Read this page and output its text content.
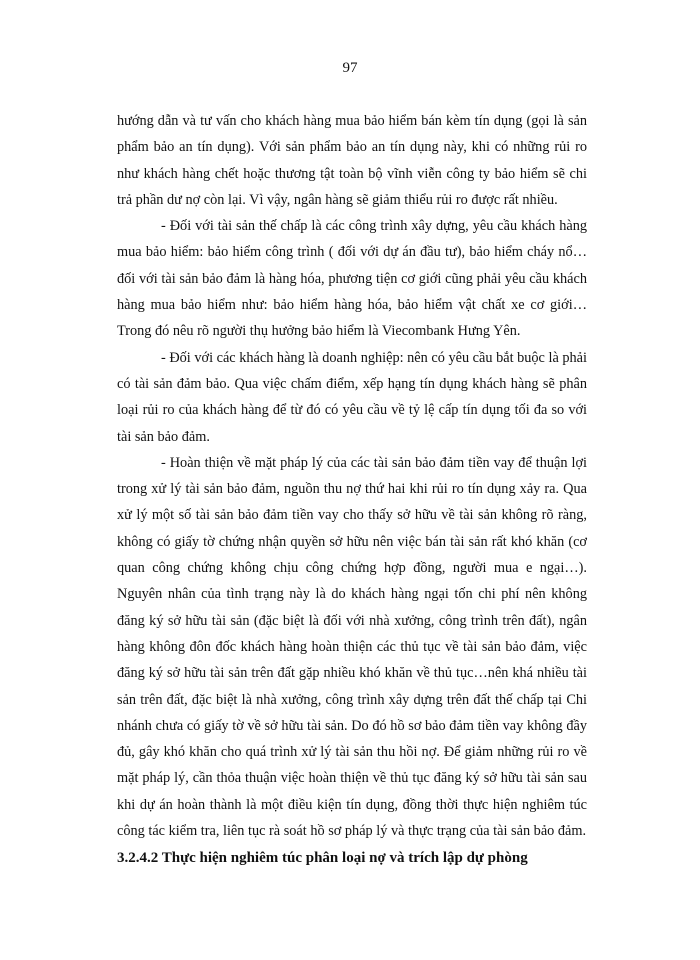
97

hướng dẫn và tư vấn cho khách hàng mua bảo hiểm bán kèm tín dụng (gọi là sản phẩm bảo an tín dụng). Với sản phẩm bảo an tín dụng này, khi có những rủi ro như khách hàng chết hoặc thương tật toàn bộ vĩnh viễn công ty bảo hiểm sẽ chi trả phần dư nợ còn lại. Vì vậy, ngân hàng sẽ giảm thiểu rủi ro được rất nhiều.

- Đối với tài sản thế chấp là các công trình xây dựng, yêu cầu khách hàng mua bảo hiểm: bảo hiểm công trình ( đối với dự án đầu tư), bảo hiểm cháy nổ…đối với tài sản bảo đảm là hàng hóa, phương tiện cơ giới cũng phải yêu cầu khách hàng mua bảo hiểm như: bảo hiểm hàng hóa, bảo hiểm vật chất xe cơ giới…Trong đó nêu rõ người thụ hưởng bảo hiểm là Viecombank Hưng Yên.

- Đối với các khách hàng là doanh nghiệp: nên có yêu cầu bắt buộc là phải có tài sản đảm bảo. Qua việc chấm điểm, xếp hạng tín dụng khách hàng sẽ phân loại rủi ro của khách hàng để từ đó có yêu cầu về tỷ lệ cấp tín dụng tối đa so với tài sản bảo đảm.

- Hoàn thiện về mặt pháp lý của các tài sản bảo đảm tiền vay để thuận lợi trong xử lý tài sản bảo đảm, nguồn thu nợ thứ hai khi rủi ro tín dụng xảy ra. Qua xử lý một số tài sản bảo đảm tiền vay cho thấy sở hữu về tài sản không rõ ràng, không có giấy tờ chứng nhận quyền sở hữu nên việc bán tài sản rất khó khăn (cơ quan công chứng không chịu công chứng hợp đồng, người mua e ngại…). Nguyên nhân của tình trạng này là do khách hàng ngại tốn chi phí nên không đăng ký sở hữu tài sản (đặc biệt là đối với nhà xưởng, công trình trên đất), ngân hàng không đôn đốc khách hàng hoàn thiện các thủ tục về tài sản bảo đảm, việc đăng ký sở hữu tài sản trên đất gặp nhiều khó khăn về thủ tục…nên khá nhiều tài sản trên đất, đặc biệt là nhà xưởng, công trình xây dựng trên đất thế chấp tại Chi nhánh chưa có giấy tờ về sở hữu tài sản. Do đó hồ sơ bảo đảm tiền vay không đầy đủ, gây khó khăn cho quá trình xử lý tài sản thu hồi nợ. Để giảm những rủi ro về mặt pháp lý, cần thỏa thuận việc hoàn thiện về thủ tục đăng ký sở hữu tài sản sau khi dự án hoàn thành là một điều kiện tín dụng, đồng thời thực hiện nghiêm túc công tác kiểm tra, liên tục rà soát hồ sơ pháp lý và thực trạng của tài sản bảo đảm.

3.2.4.2 Thực hiện nghiêm túc phân loại nợ và trích lập dự phòng
